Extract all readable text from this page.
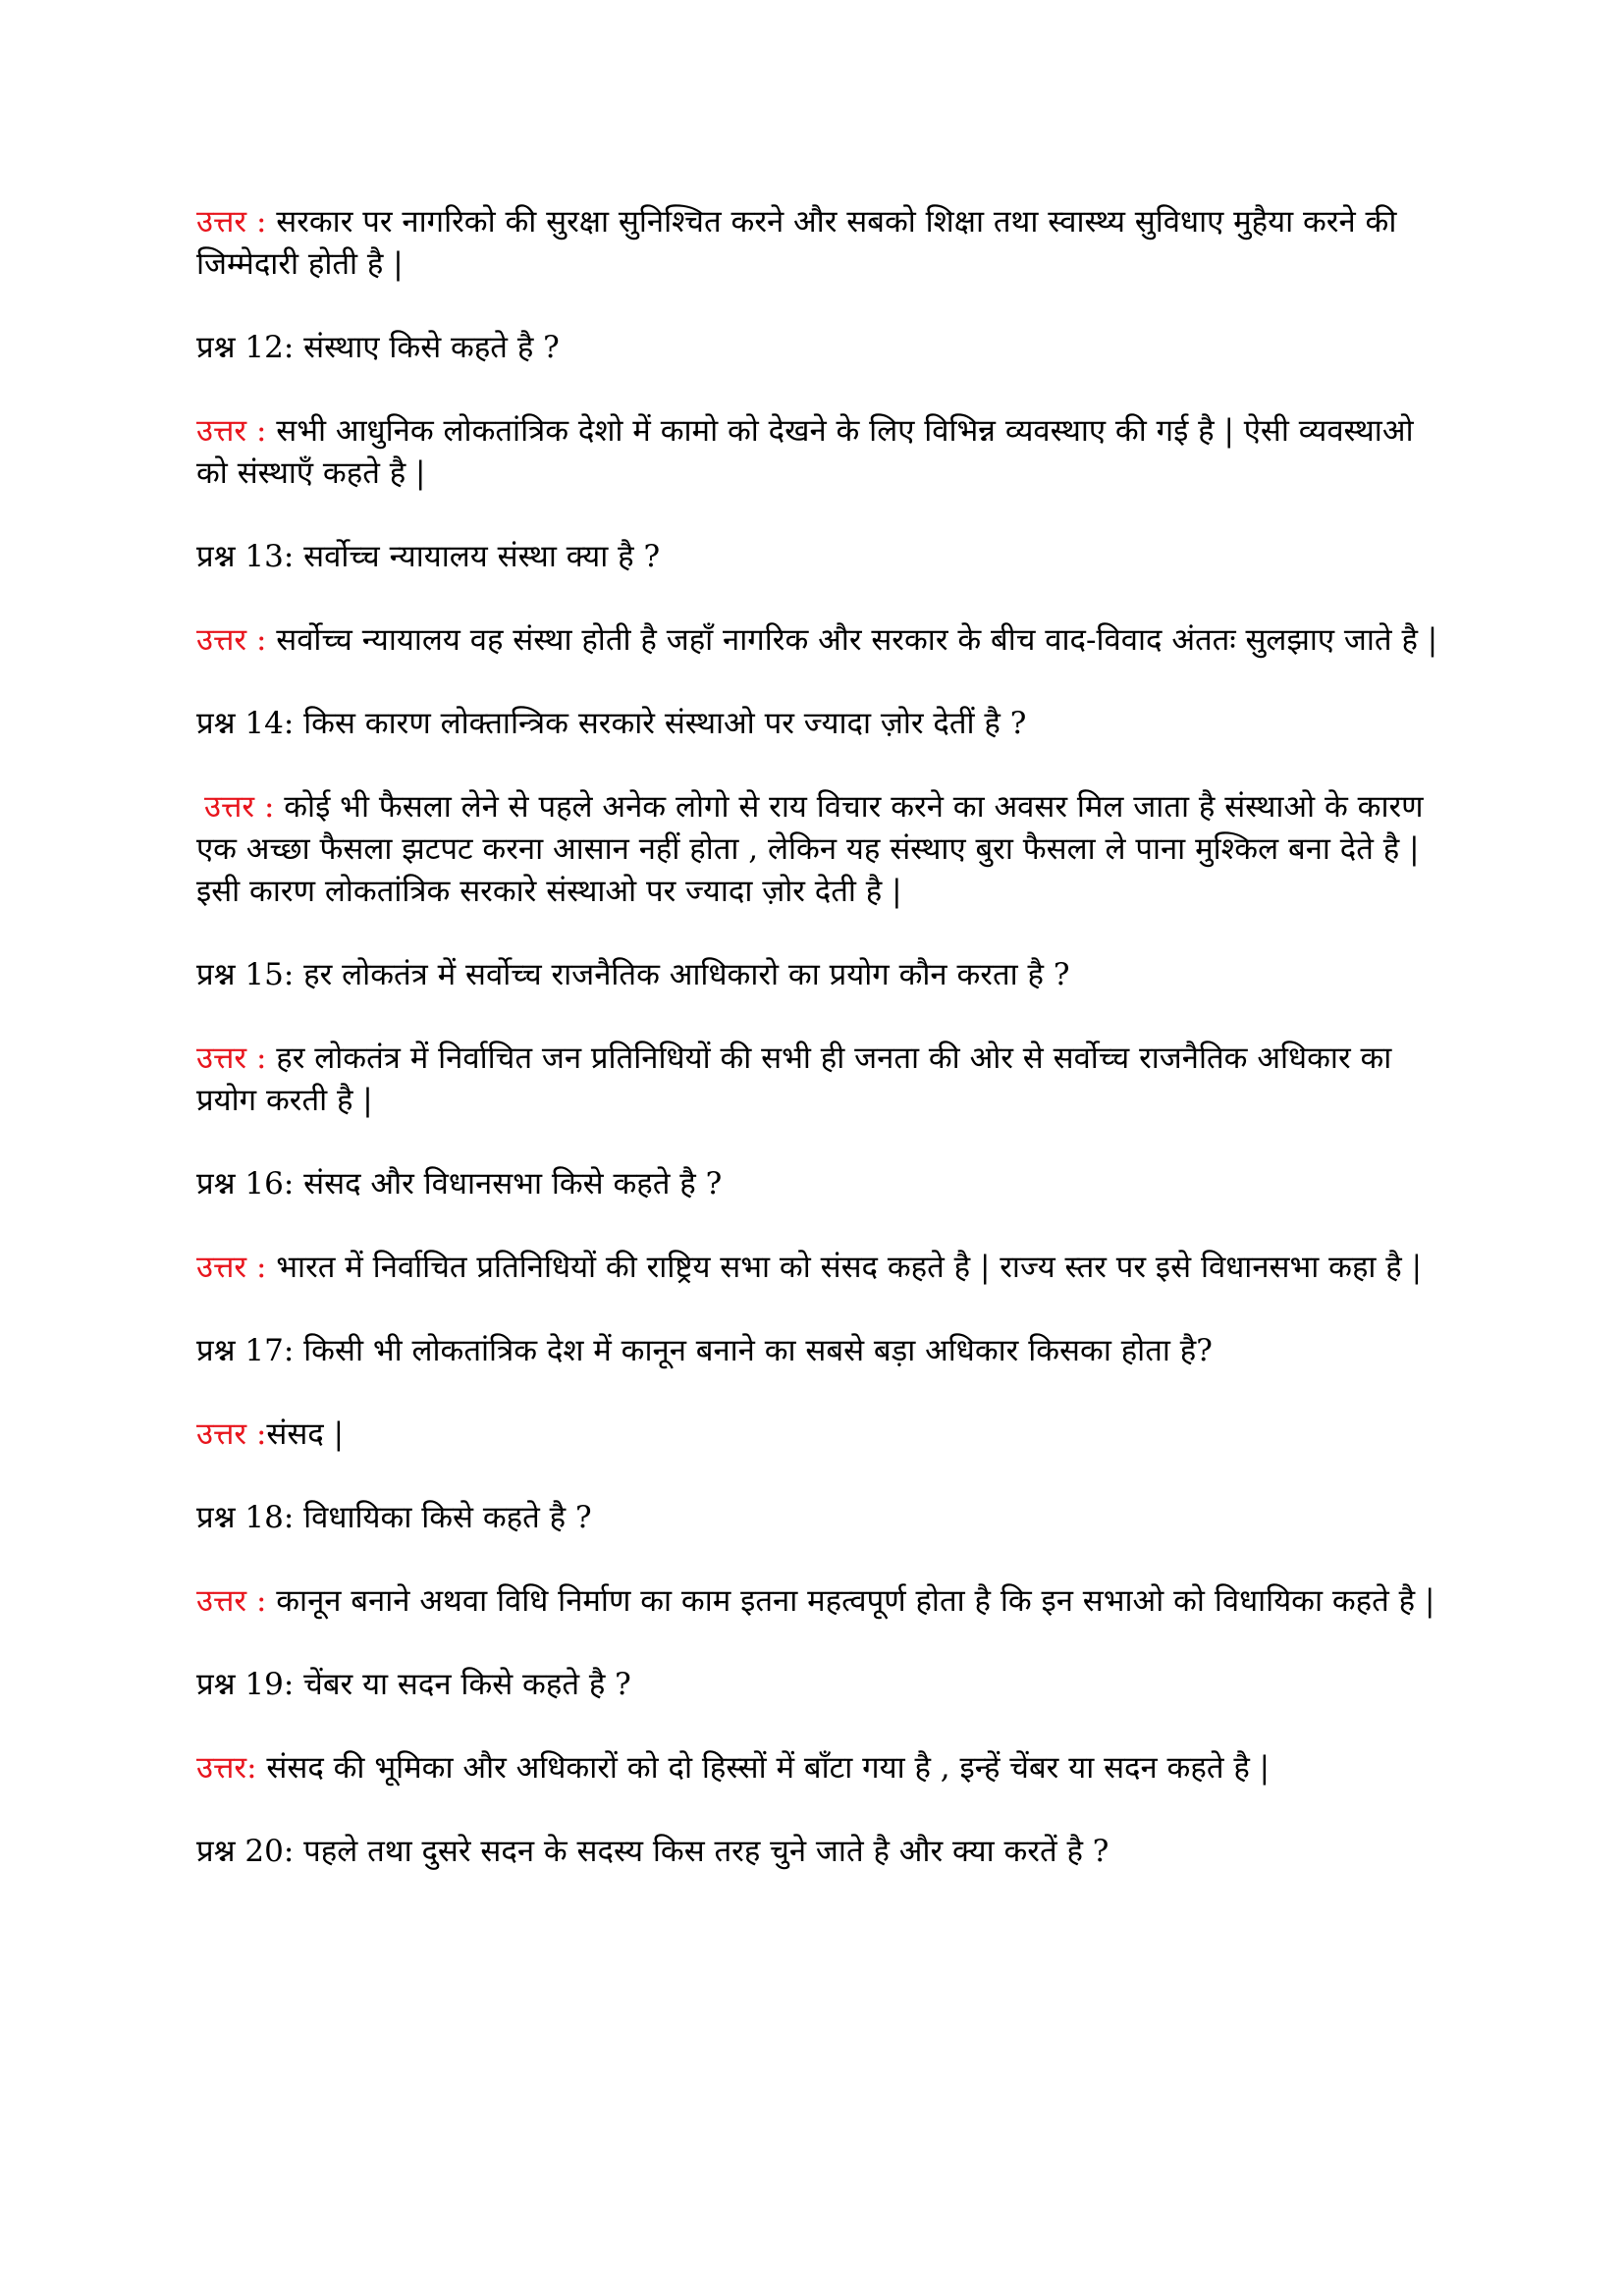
उत्तर : सरकार पर नागरिको की सुरक्षा सुनिश्चित करने और सबको शिक्षा तथा स्वास्थ्य सुविधाए मुहैया करने की जिम्मेदारी होती है |

प्रश्न 12: संस्थाए किसे कहते है ?

उत्तर : सभी आधुनिक लोकतांत्रिक देशो में कामो को देखने के लिए विभिन्न व्यवस्थाए की गई है | ऐसी व्यवस्थाओ को संस्थाएँ कहते है |

प्रश्न 13: सर्वोच्च न्यायालय संस्था क्या है ?

उत्तर : सर्वोच्च न्यायालय वह संस्था होती है जहाँ नागरिक और सरकार के बीच वाद-विवाद अंततः सुलझाए जाते है |

प्रश्न 14: किस कारण लोक्तान्त्रिक सरकारे संस्थाओ पर ज्यादा ज़ोर देतीं है ?

उत्तर : कोई भी फैसला लेने से पहले अनेक लोगो से राय विचार करने का अवसर मिल जाता है संस्थाओ के कारण एक अच्छा फैसला झटपट करना आसान नहीं होता , लेकिन यह संस्थाए बुरा फैसला ले पाना मुश्किल बना देते है | इसी कारण लोकतांत्रिक सरकारे संस्थाओ पर ज्यादा ज़ोर देती है |

प्रश्न 15: हर लोकतंत्र में सर्वोच्च राजनैतिक आधिकारो का प्रयोग कौन करता है ?

उत्तर : हर लोकतंत्र में निर्वाचित जन प्रतिनिधियों की सभी ही जनता की ओर से सर्वोच्च राजनैतिक अधिकार का प्रयोग करती है |

प्रश्न 16: संसद और विधानसभा किसे कहते है ?

उत्तर : भारत में निर्वाचित प्रतिनिधियों की राष्ट्रिय सभा को संसद कहते है | राज्य स्तर पर इसे विधानसभा कहा है |

प्रश्न 17: किसी भी लोकतांत्रिक देश में कानून बनाने का सबसे बड़ा अधिकार किसका होता है?

उत्तर :संसद |

प्रश्न 18: विधायिका किसे कहते है ?

उत्तर : कानून बनाने अथवा विधि निर्माण का काम इतना महत्वपूर्ण होता है कि इन सभाओ को विधायिका कहते है |

प्रश्न 19: चेंबर या सदन किसे कहते है ?

उत्तर: संसद की भूमिका और अधिकारों को दो हिस्सों में बाँटा गया है , इन्हें चेंबर या सदन कहते है |

प्रश्न 20: पहले तथा दुसरे सदन के सदस्य किस तरह चुने जाते है और क्या करतें है ?
